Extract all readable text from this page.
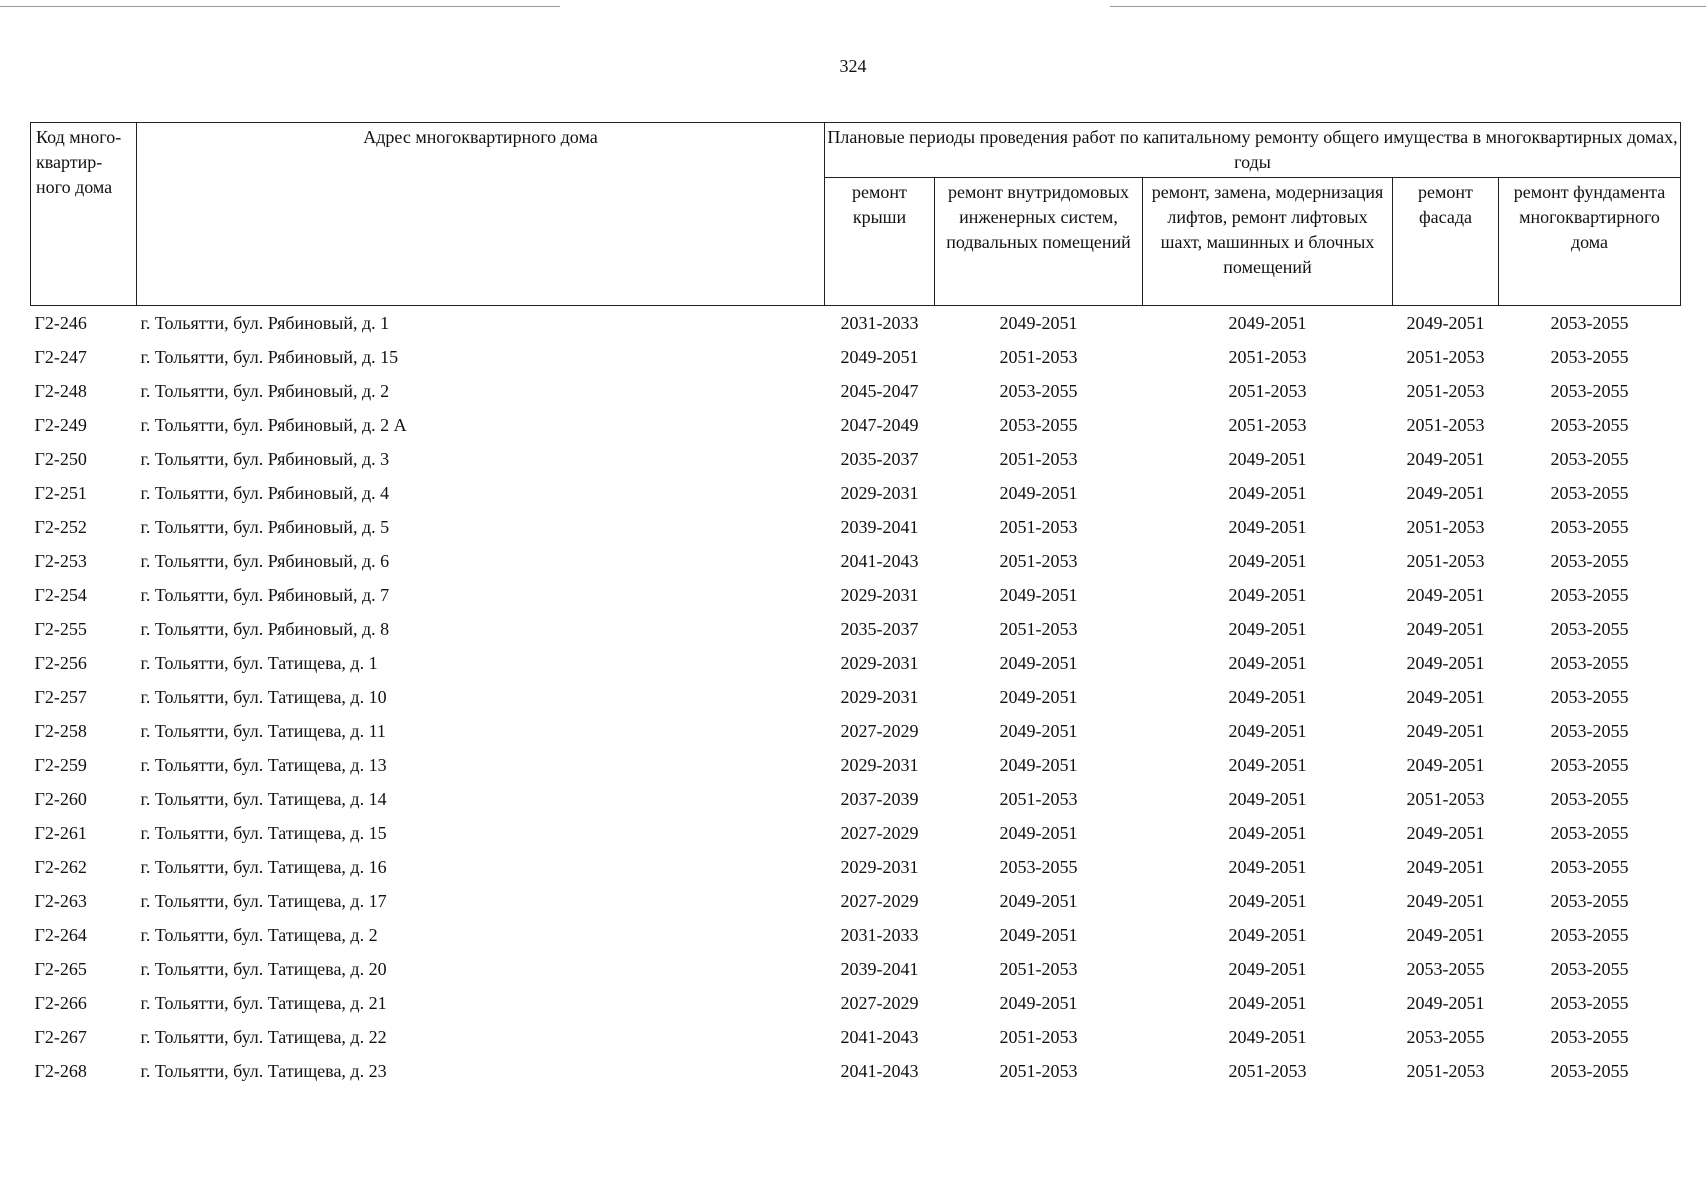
324
Код много-квартир-ного дома	Адрес многоквартирного дома	Плановые периоды проведения работ по капитальному ремонту общего имущества в многоквартирных домах, годы				
		ремонт крыши	ремонт внутридомовых инженерных систем, подвальных помещений	ремонт, замена, модернизация лифтов, ремонт лифтовых шахт, машинных и блочных помещений	ремонт фасада	ремонт фундамента многоквартирного дома
Г2-246	г. Тольятти, бул. Рябиновый, д. 1	2031-2033	2049-2051	2049-2051	2049-2051	2053-2055
Г2-247	г. Тольятти, бул. Рябиновый, д. 15	2049-2051	2051-2053	2051-2053	2051-2053	2053-2055
Г2-248	г. Тольятти, бул. Рябиновый, д. 2	2045-2047	2053-2055	2051-2053	2051-2053	2053-2055
Г2-249	г. Тольятти, бул. Рябиновый, д. 2 А	2047-2049	2053-2055	2051-2053	2051-2053	2053-2055
Г2-250	г. Тольятти, бул. Рябиновый, д. 3	2035-2037	2051-2053	2049-2051	2049-2051	2053-2055
Г2-251	г. Тольятти, бул. Рябиновый, д. 4	2029-2031	2049-2051	2049-2051	2049-2051	2053-2055
Г2-252	г. Тольятти, бул. Рябиновый, д. 5	2039-2041	2051-2053	2049-2051	2051-2053	2053-2055
Г2-253	г. Тольятти, бул. Рябиновый, д. 6	2041-2043	2051-2053	2049-2051	2051-2053	2053-2055
Г2-254	г. Тольятти, бул. Рябиновый, д. 7	2029-2031	2049-2051	2049-2051	2049-2051	2053-2055
Г2-255	г. Тольятти, бул. Рябиновый, д. 8	2035-2037	2051-2053	2049-2051	2049-2051	2053-2055
Г2-256	г. Тольятти, бул. Татищева, д. 1	2029-2031	2049-2051	2049-2051	2049-2051	2053-2055
Г2-257	г. Тольятти, бул. Татищева, д. 10	2029-2031	2049-2051	2049-2051	2049-2051	2053-2055
Г2-258	г. Тольятти, бул. Татищева, д. 11	2027-2029	2049-2051	2049-2051	2049-2051	2053-2055
Г2-259	г. Тольятти, бул. Татищева, д. 13	2029-2031	2049-2051	2049-2051	2049-2051	2053-2055
Г2-260	г. Тольятти, бул. Татищева, д. 14	2037-2039	2051-2053	2049-2051	2051-2053	2053-2055
Г2-261	г. Тольятти, бул. Татищева, д. 15	2027-2029	2049-2051	2049-2051	2049-2051	2053-2055
Г2-262	г. Тольятти, бул. Татищева, д. 16	2029-2031	2053-2055	2049-2051	2049-2051	2053-2055
Г2-263	г. Тольятти, бул. Татищева, д. 17	2027-2029	2049-2051	2049-2051	2049-2051	2053-2055
Г2-264	г. Тольятти, бул. Татищева, д. 2	2031-2033	2049-2051	2049-2051	2049-2051	2053-2055
Г2-265	г. Тольятти, бул. Татищева, д. 20	2039-2041	2051-2053	2049-2051	2053-2055	2053-2055
Г2-266	г. Тольятти, бул. Татищева, д. 21	2027-2029	2049-2051	2049-2051	2049-2051	2053-2055
Г2-267	г. Тольятти, бул. Татищева, д. 22	2041-2043	2051-2053	2049-2051	2053-2055	2053-2055
Г2-268	г. Тольятти, бул. Татищева, д. 23	2041-2043	2051-2053	2051-2053	2051-2053	2053-2055
